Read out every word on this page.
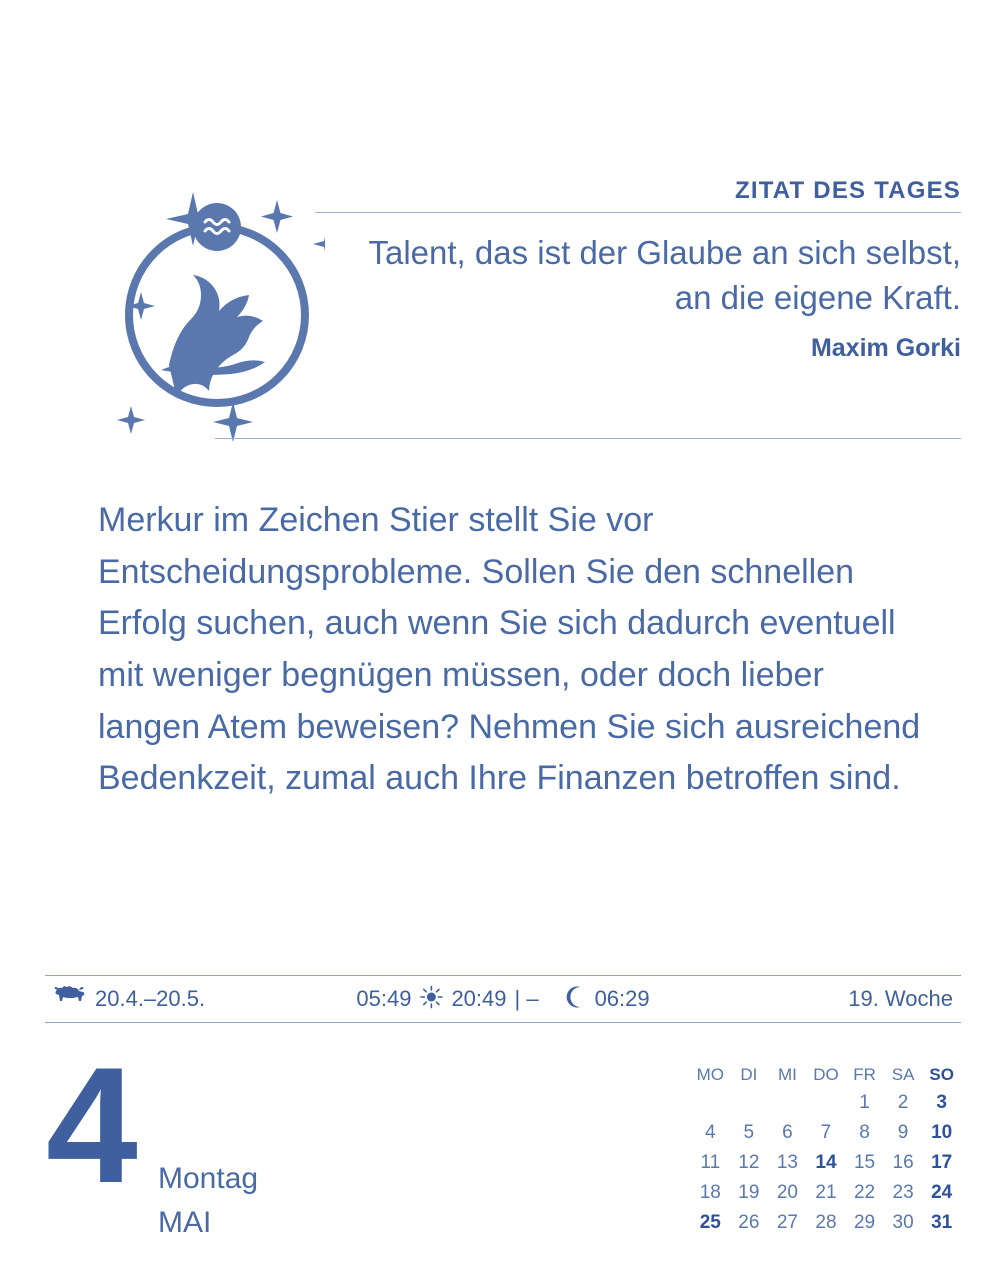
ZITAT DES TAGES
Talent, das ist der Glaube an sich selbst,
an die eigene Kraft.
Maxim Gorki
Merkur im Zeichen Stier stellt Sie vor Entscheidungsprobleme. Sollen Sie den schnellen Erfolg suchen, auch wenn Sie sich dadurch eventuell mit weniger begnügen müssen, oder doch lieber langen Atem beweisen? Nehmen Sie sich ausreichend Bedenkzeit, zumal auch Ihre Finanzen betroffen sind.
20.4.–20.5.	05:49 20:49 | –	06:29	19. Woche
4 Montag
MAI
MO	DI	MI	DO	FR	SA	SO
				1	2	3
4	5	6	7	8	9	10
11	12	13	14	15	16	17
18	19	20	21	22	23	24
25	26	27	28	29	30	31
